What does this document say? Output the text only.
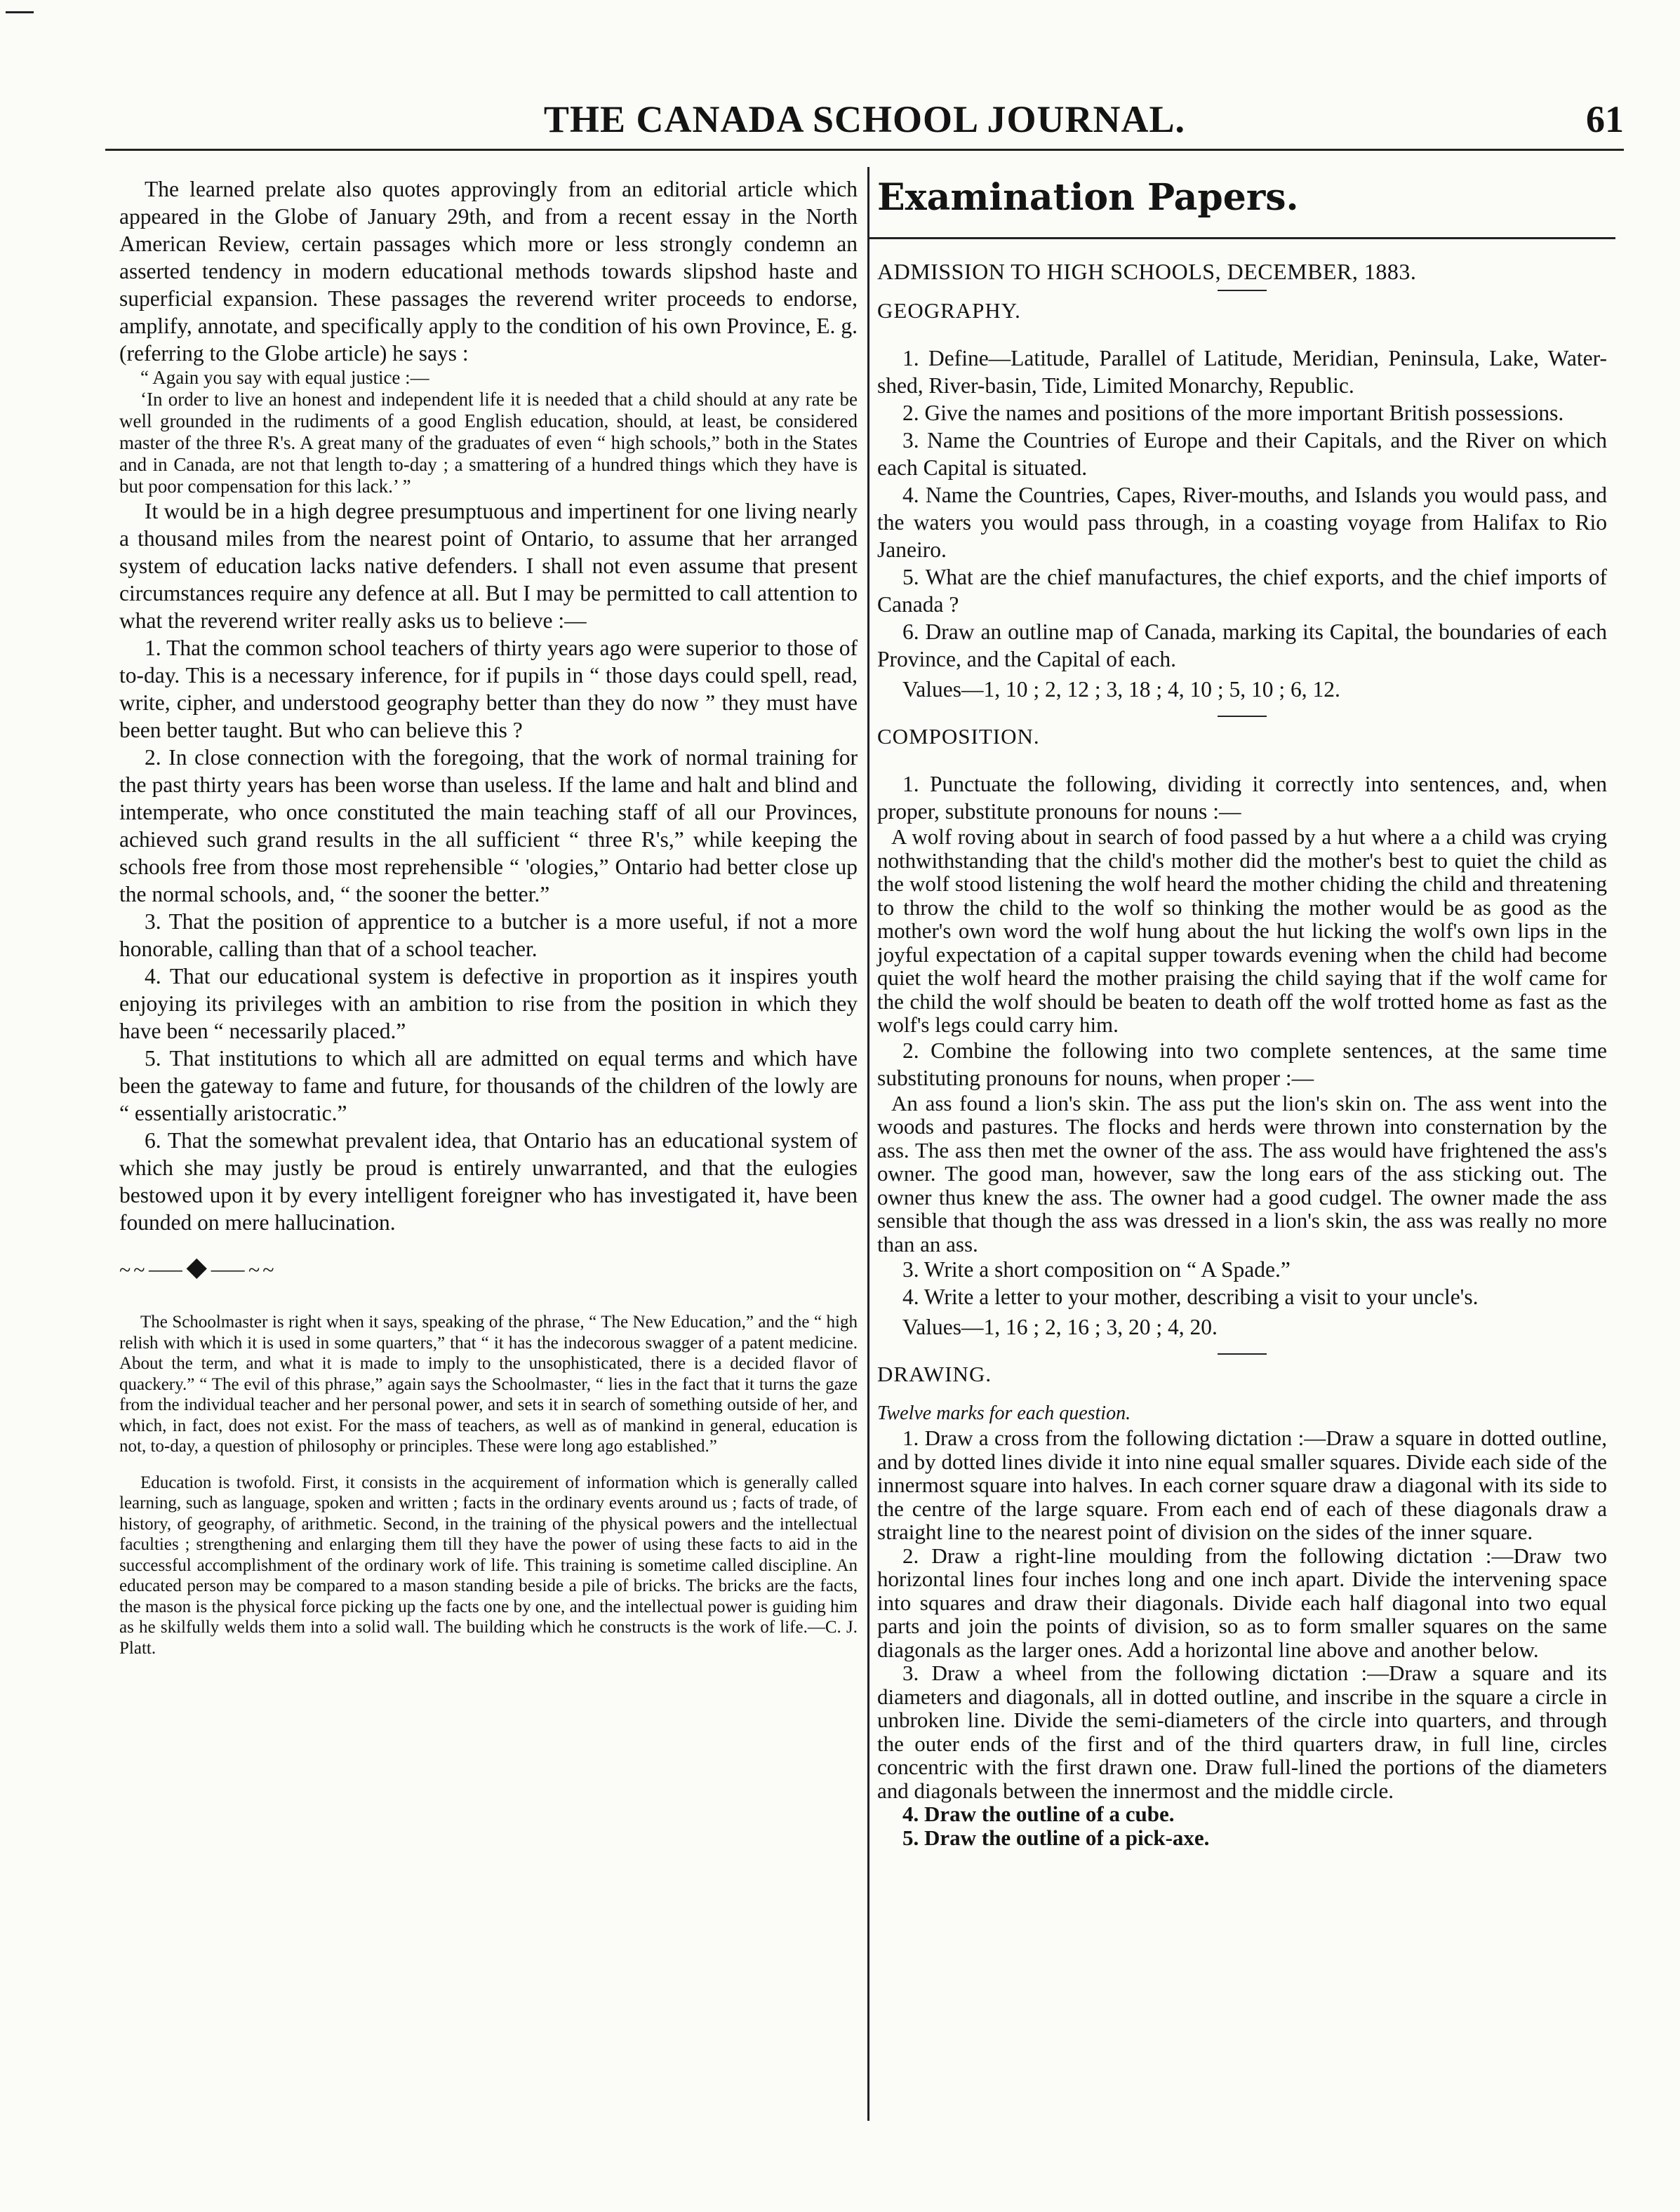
THE CANADA SCHOOL JOURNAL.	61

The learned prelate also quotes approvingly from an editorial article which appeared in the Globe of January 29th, and from a recent essay in the North American Review, certain passages which more or less strongly condemn an asserted tendency in modern educational methods towards slipshod haste and superficial expansion. These passages the reverend writer proceeds to endorse, amplify, annotate, and specifically apply to the condition of his own Province, E. g. (referring to the Globe article) he says :

“ Again you say with equal justice :—

‘In order to live an honest and independent life it is needed that a child should at any rate be well grounded in the rudiments of a good English education, should, at least, be considered master of the three R's. A great many of the graduates of even “ high schools,” both in the States and in Canada, are not that length to-day ; a smattering of a hundred things which they have is but poor compensation for this lack.’ ”

It would be in a high degree presumptuous and impertinent for one living nearly a thousand miles from the nearest point of Ontario, to assume that her arranged system of education lacks native defenders. I shall not even assume that present circumstances require any defence at all. But I may be permitted to call attention to what the reverend writer really asks us to believe :—

1. That the common school teachers of thirty years ago were superior to those of to-day. This is a necessary inference, for if pupils in “ those days could spell, read, write, cipher, and understood geography better than they do now ” they must have been better taught. But who can believe this ?

2. In close connection with the foregoing, that the work of normal training for the past thirty years has been worse than useless. If the lame and halt and blind and intemperate, who once constituted the main teaching staff of all our Provinces, achieved such grand results in the all sufficient “ three R's,” while keeping the schools free from those most reprehensible “ 'ologies,” Ontario had better close up the normal schools, and, “ the sooner the better.”

3. That the position of apprentice to a butcher is a more useful, if not a more honorable, calling than that of a school teacher.

4. That our educational system is defective in proportion as it inspires youth enjoying its privileges with an ambition to rise from the position in which they have been “ necessarily placed.”

5. That institutions to which all are admitted on equal terms and which have been the gateway to fame and future, for thousands of the children of the lowly are “ essentially aristocratic.”

6. That the somewhat prevalent idea, that Ontario has an educational system of which she may justly be proud is entirely unwarranted, and that the eulogies bestowed upon it by every intelligent foreigner who has investigated it, have been founded on mere hallucination.

~~⸺◆⸺~~

The Schoolmaster is right when it says, speaking of the phrase, “ The New Education,” and the “ high relish with which it is used in some quarters,” that “ it has the indecorous swagger of a patent medicine. About the term, and what it is made to imply to the unsophisticated, there is a decided flavor of quackery.” “ The evil of this phrase,” again says the Schoolmaster, “ lies in the fact that it turns the gaze from the individual teacher and her personal power, and sets it in search of something outside of her, and which, in fact, does not exist. For the mass of teachers, as well as of mankind in general, education is not, to-day, a question of philosophy or principles. These were long ago established.”

Education is twofold. First, it consists in the acquirement of information which is generally called learning, such as language, spoken and written ; facts in the ordinary events around us ; facts of trade, of history, of geography, of arithmetic. Second, in the training of the physical powers and the intellectual faculties ; strengthening and enlarging them till they have the power of using these facts to aid in the successful accomplishment of the ordinary work of life. This training is sometime called discipline. An educated person may be compared to a mason standing beside a pile of bricks. The bricks are the facts, the mason is the physical force picking up the facts one by one, and the intellectual power is guiding him as he skilfully welds them into a solid wall. The building which he constructs is the work of life.—C. J. Platt.

Examination Papers.
ADMISSION TO HIGH SCHOOLS, DECEMBER, 1883.
GEOGRAPHY.

1. Define—Latitude, Parallel of Latitude, Meridian, Peninsula, Lake, Water-shed, River-basin, Tide, Limited Monarchy, Republic.

2. Give the names and positions of the more important British possessions.

3. Name the Countries of Europe and their Capitals, and the River on which each Capital is situated.

4. Name the Countries, Capes, River-mouths, and Islands you would pass, and the waters you would pass through, in a coasting voyage from Halifax to Rio Janeiro.

5. What are the chief manufactures, the chief exports, and the chief imports of Canada ?

6. Draw an outline map of Canada, marking its Capital, the boundaries of each Province, and the Capital of each.

Values—1, 10 ; 2, 12 ; 3, 18 ; 4, 10 ; 5, 10 ; 6, 12.

COMPOSITION.

1. Punctuate the following, dividing it correctly into sentences, and, when proper, substitute pronouns for nouns :—

A wolf roving about in search of food passed by a hut where a a child was crying nothwithstanding that the child's mother did the mother's best to quiet the child as the wolf stood listening the wolf heard the mother chiding the child and threatening to throw the child to the wolf so thinking the mother would be as good as the mother's own word the wolf hung about the hut licking the wolf's own lips in the joyful expectation of a capital supper towards evening when the child had become quiet the wolf heard the mother praising the child saying that if the wolf came for the child the wolf should be beaten to death off the wolf trotted home as fast as the wolf's legs could carry him.

2. Combine the following into two complete sentences, at the same time substituting pronouns for nouns, when proper :—

An ass found a lion's skin. The ass put the lion's skin on. The ass went into the woods and pastures. The flocks and herds were thrown into consternation by the ass. The ass then met the owner of the ass. The ass would have frightened the ass's owner. The good man, however, saw the long ears of the ass sticking out. The owner thus knew the ass. The owner had a good cudgel. The owner made the ass sensible that though the ass was dressed in a lion's skin, the ass was really no more than an ass.

3. Write a short composition on “ A Spade.”

4. Write a letter to your mother, describing a visit to your uncle's.

Values—1, 16 ; 2, 16 ; 3, 20 ; 4, 20.

DRAWING.
Twelve marks for each question.

1. Draw a cross from the following dictation :—Draw a square in dotted outline, and by dotted lines divide it into nine equal smaller squares. Divide each side of the innermost square into halves. In each corner square draw a diagonal with its side to the centre of the large square. From each end of each of these diagonals draw a straight line to the nearest point of division on the sides of the inner square.

2. Draw a right-line moulding from the following dictation :—Draw two horizontal lines four inches long and one inch apart. Divide the intervening space into squares and draw their diagonals. Divide each half diagonal into two equal parts and join the points of division, so as to form smaller squares on the same diagonals as the larger ones. Add a horizontal line above and another below.

3. Draw a wheel from the following dictation :—Draw a square and its diameters and diagonals, all in dotted outline, and inscribe in the square a circle in unbroken line. Divide the semi-diameters of the circle into quarters, and through the outer ends of the first and of the third quarters draw, in full line, circles concentric with the first drawn one. Draw full-lined the portions of the diameters and diagonals between the innermost and the middle circle.

4. Draw the outline of a cube.

5. Draw the outline of a pick-axe.
